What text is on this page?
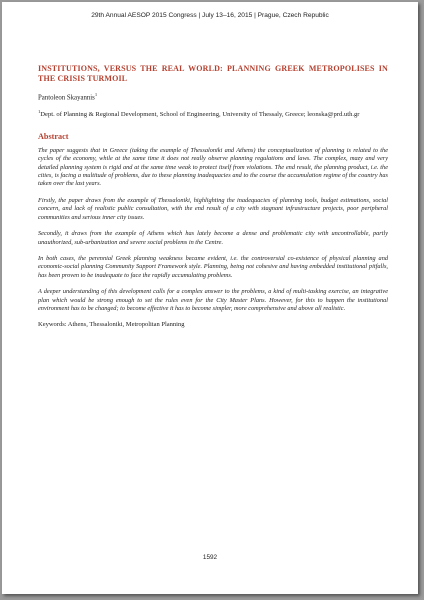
29th Annual AESOP 2015 Congress | July 13–16, 2015 | Prague, Czech Republic
INSTITUTIONS, VERSUS THE REAL WORLD: PLANNING GREEK METROPOLISES IN THE CRISIS TURMOIL
Pantoleon Skayannis$^1$
$^1$Dept. of Planning & Regional Development, School of Engineering, University of Thessaly, Greece; leonska@prd.uth.gr
Abstract

The paper suggests that in Greece (taking the example of Thessaloniki and Athens) the conceptualization of planning is related to the cycles of the economy, while at the same time it does not really observe planning regulations and laws. The complex, mazy and very detailed planning system is rigid and at the same time weak to protect itself from violations. The end result, the planning product, i.e. the cities, is facing a multitude of problems, due to these planning inadequacies and to the course the accumulation regime of the country has taken over the last years.

Firstly, the paper draws from the example of Thessaloniki, highlighting the inadequacies of planning tools, budget estimations, social concern, and lack of realistic public consultation, with the end result of a city with stagnant infrastructure projects, poor peripheral communities and serious inner city issues.

Secondly, it draws from the example of Athens which has lately become a dense and problematic city with uncontrollable, partly unauthorized, sub-urbanization and severe social problems in the Centre.

In both cases, the perennial Greek planning weakness became evident, i.e. the controversial co-existence of physical planning and economic-social planning Community Support Framework style. Planning, being not cohesive and having embedded institutional pitfalls, has been proven to be inadequate to face the rapidly accumulating problems.

A deeper understanding of this development calls for a complex answer to the problems, a kind of multi-tasking exercise, an integrative plan which would be strong enough to set the rules even for the City Master Plans. However, for this to happen the institutional environment has to be changed; to become effective it has to become simpler, more comprehensive and above all realistic.

Keywords: Athens, Thessaloniki, Metropolitan Planning
1592
